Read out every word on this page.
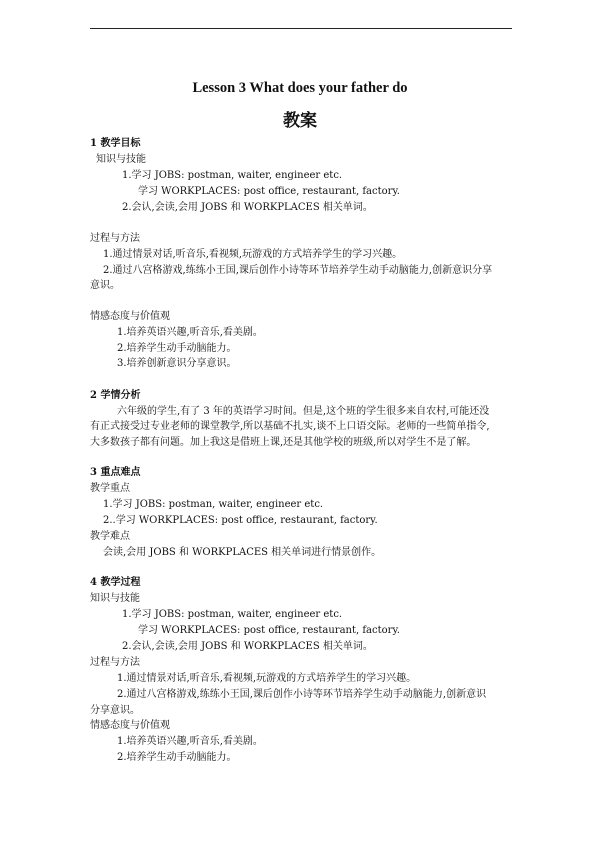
Lesson 3 What does your father do
教案

1 教学目标

知识与技能

1.学习 JOBS: postman, waiter, engineer etc.

学习 WORKPLACES: post office, restaurant, factory.

2.会认,会读,会用 JOBS 和 WORKPLACES 相关单词。

过程与方法

1.通过情景对话,听音乐,看视频,玩游戏的方式培养学生的学习兴趣。

2.通过八宫格游戏,练练小王国,课后创作小诗等环节培养学生动手动脑能力,创新意识分享

意识。

情感态度与价值观

1.培养英语兴趣,听音乐,看美剧。

2.培养学生动手动脑能力。

3.培养创新意识分享意识。

2 学情分析

六年级的学生,有了 3 年的英语学习时间。但是,这个班的学生很多来自农村,可能还没

有正式接受过专业老师的课堂教学,所以基础不扎实,谈不上口语交际。老师的一些简单指令,

大多数孩子都有问题。加上我这是借班上课,还是其他学校的班级,所以对学生不是了解。

3 重点难点

教学重点

1.学习 JOBS: postman, waiter, engineer etc.

2..学习 WORKPLACES: post office, restaurant, factory.

教学难点

会读,会用 JOBS 和 WORKPLACES 相关单词进行情景创作。

4 教学过程

知识与技能

1.学习 JOBS: postman, waiter, engineer etc.

学习 WORKPLACES: post office, restaurant, factory.

2.会认,会读,会用 JOBS 和 WORKPLACES 相关单词。

过程与方法

1.通过情景对话,听音乐,看视频,玩游戏的方式培养学生的学习兴趣。

2.通过八宫格游戏,练练小王国,课后创作小诗等环节培养学生动手动脑能力,创新意识

分享意识。

情感态度与价值观

1.培养英语兴趣,听音乐,看美剧。

2.培养学生动手动脑能力。
